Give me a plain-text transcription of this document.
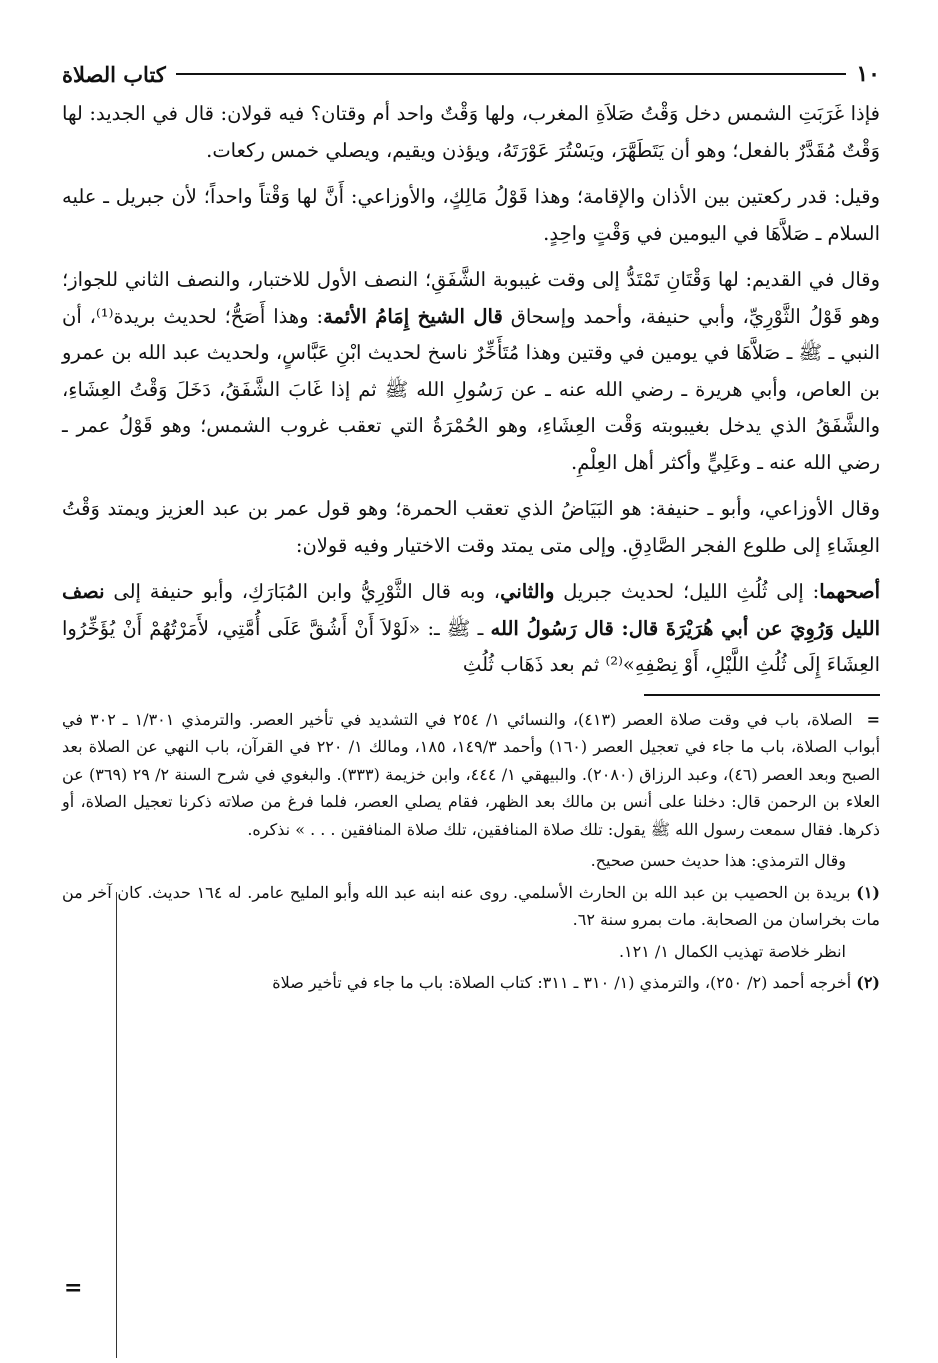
١٠
كتاب الصلاة

فإذا غَرَبَتِ الشمس دخل وَقْتُ صَلاَةِ المغرب، ولها وَقْتٌ واحد أم وقتان؟ فيه قولان: قال في الجديد: لها وَقْتٌ مُقَدَّرٌ بالفعل؛ وهو أن يَتَطَهَّرَ، ويَسْتُرَ عَوْرَتَهُ، ويؤذن ويقيم، ويصلي خمس ركعات.

وقيل: قدر ركعتين بين الأذان والإقامة؛ وهذا قَوْلُ مَالِكٍ، والأوزاعي: أَنَّ لها وَقْتاً واحداً؛ لأن جبريل ـ عليه السلام ـ صَلاَّهَا في اليومين في وَقْتٍ واحِدٍ.

وقال في القديم: لها وَقْتَانِ تَمْتَدُّ إلى وقت غيبوبة الشَّفَقِ؛ النصف الأول للاختبار، والنصف الثاني للجواز؛ وهو قَوْلُ الثَّوْرِيِّ، وأبي حنيفة، وأحمد وإسحاق قال الشيخ إِمَامُ الأئمة: وهذا أَصَحُّ؛ لحديث بريدة⁽¹⁾، أن النبي ـ ﷺ ـ صَلاَّهَا في يومين في وقتين وهذا مُتَأَخِّرٌ ناسخ لحديث ابْنِ عَبَّاسٍ، ولحديث عبد الله بن عمرو بن العاص، وأبي هريرة ـ رضي الله عنه ـ عن رَسُولِ الله ﷺ ثم إذا غَابَ الشَّفَقُ، دَخَلَ وَقْتُ العِشَاءِ، والشَّفَقُ الذي يدخل بغيبوبته وَقْت العِشَاءِ، وهو الحُمْرَةُ التي تعقب غروب الشمس؛ وهو قَوْلُ عمر ـ رضي الله عنه ـ وعَلِيٍّ وأكثر أهل العِلْمِ.

وقال الأوزاعي، وأبو ـ حنيفة: هو البَيَاضُ الذي تعقب الحمرة؛ وهو قول عمر بن عبد العزيز ويمتد وَقْتُ العِشَاءِ إلى طلوع الفجر الصَّادِقِ. وإلى متى يمتد وقت الاختيار وفيه قولان:

أصحهما: إلى ثُلُثِ الليل؛ لحديث جبريل والثاني، وبه قال الثَّوْرِيُّ وابن المُبَارَكِ، وأبو حنيفة إلى نصف الليل وَرُوِيَ عن أبي هُرَيْرَةَ قال: قال رَسُولُ الله ـ ﷺ ـ: «لَوْلاَ أَنْ أَشُقَّ عَلَى أُمَّتِي، لأَمَرْتُهُمْ أَنْ يُؤَخِّرُوا العِشَاءَ إِلَى ثُلُثِ اللَّيْلِ، أَوْ نِصْفِهِ»⁽²⁾ ثم بعد ذَهَاب ثُلُثِ

=  الصلاة، باب في وقت صلاة العصر (٤١٣)، والنسائي ١/ ٢٥٤ في التشديد في تأخير العصر. والترمذي ١/٣٠١ ـ ٣٠٢ في أبواب الصلاة، باب ما جاء في تعجيل العصر (١٦٠) وأحمد ١٤٩/٣، ١٨٥، ومالك ١/ ٢٢٠ في القرآن، باب النهي عن الصلاة بعد الصبح وبعد العصر (٤٦)، وعبد الرزاق (٢٠٨٠). والبيهقي ١/ ٤٤٤، وابن خزيمة (٣٣٣). والبغوي في شرح السنة ٢/ ٢٩ (٣٦٩) عن العلاء بن الرحمن قال: دخلنا على أنس بن مالك بعد الظهر، فقام يصلي العصر، فلما فرغ من صلاته ذكرنا تعجيل الصلاة، أو ذكرها. فقال سمعت رسول الله ﷺ يقول: تلك صلاة المنافقين، تلك صلاة المنافقين . . . » نذكره.

وقال الترمذي: هذا حديث حسن صحيح.

(١) بريدة بن الحصيب بن عبد الله بن الحارث الأسلمي. روى عنه ابنه عبد الله وأبو المليح عامر. له ١٦٤ حديث. كان آخر من مات بخراسان من الصحابة. مات بمرو سنة ٦٢.

انظر خلاصة تهذيب الكمال ١/ ١٢١.

(٢) أخرجه أحمد (٢/ ٢٥٠)، والترمذي (١/ ٣١٠ ـ ٣١١: كتاب الصلاة: باب ما جاء في تأخير صلاة

=
